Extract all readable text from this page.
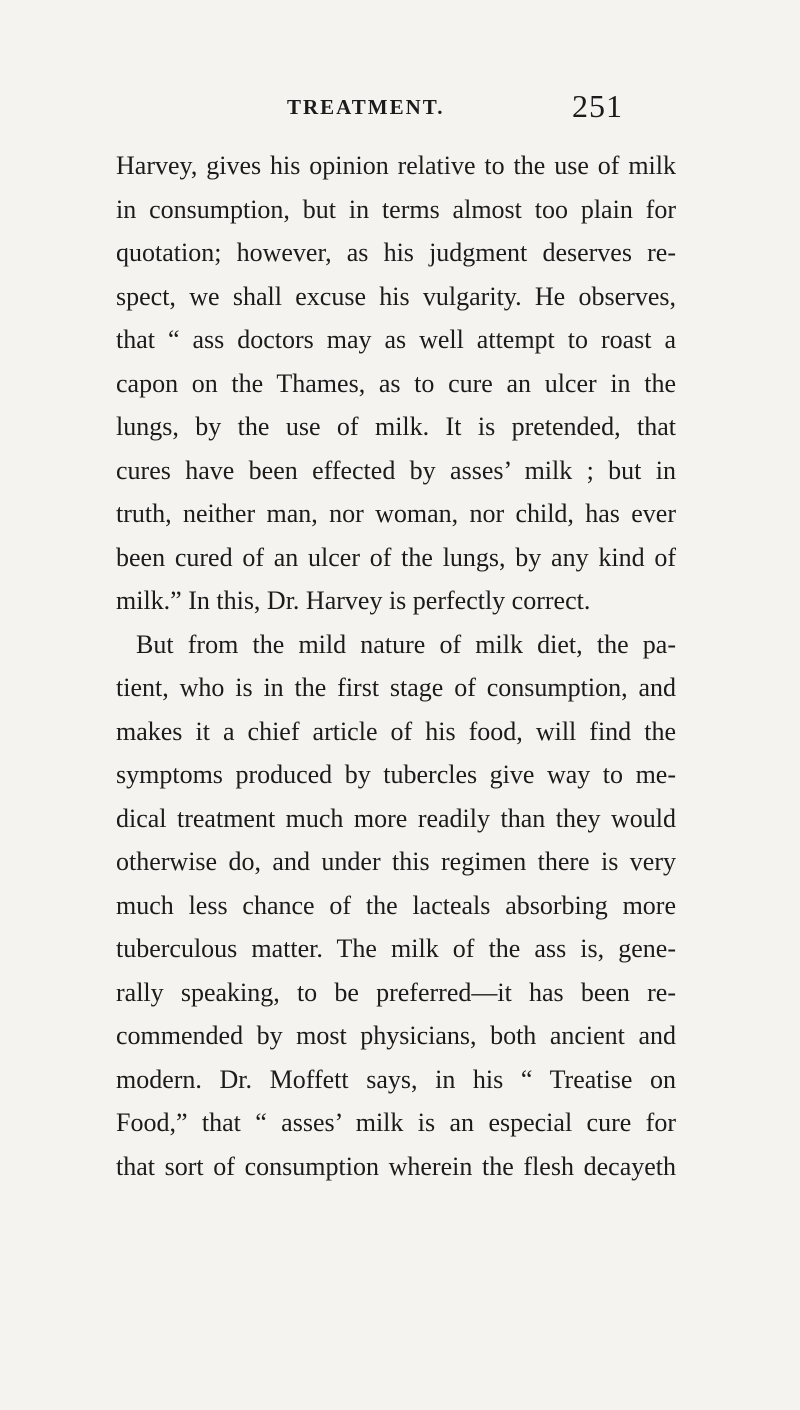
TREATMENT.	251
Harvey, gives his opinion relative to the use of milk
in consumption, but in terms almost too plain for
quotation; however, as his judgment deserves re-
spect, we shall excuse his vulgarity. He observes,
that “ ass doctors may as well attempt to roast a
capon on the Thames, as to cure an ulcer in the
lungs, by the use of milk. It is pretended, that
cures have been effected by asses’ milk ; but in
truth, neither man, nor woman, nor child, has ever
been cured of an ulcer of the lungs, by any kind of
milk.” In this, Dr. Harvey is perfectly correct.
But from the mild nature of milk diet, the pa-
tient, who is in the first stage of consumption, and
makes it a chief article of his food, will find the
symptoms produced by tubercles give way to me-
dical treatment much more readily than they would
otherwise do, and under this regimen there is very
much less chance of the lacteals absorbing more
tuberculous matter. The milk of the ass is, gene-
rally speaking, to be preferred—it has been re-
commended by most physicians, both ancient and
modern. Dr. Moffett says, in his “ Treatise on
Food,” that “ asses’ milk is an especial cure for
that sort of consumption wherein the flesh decayeth
